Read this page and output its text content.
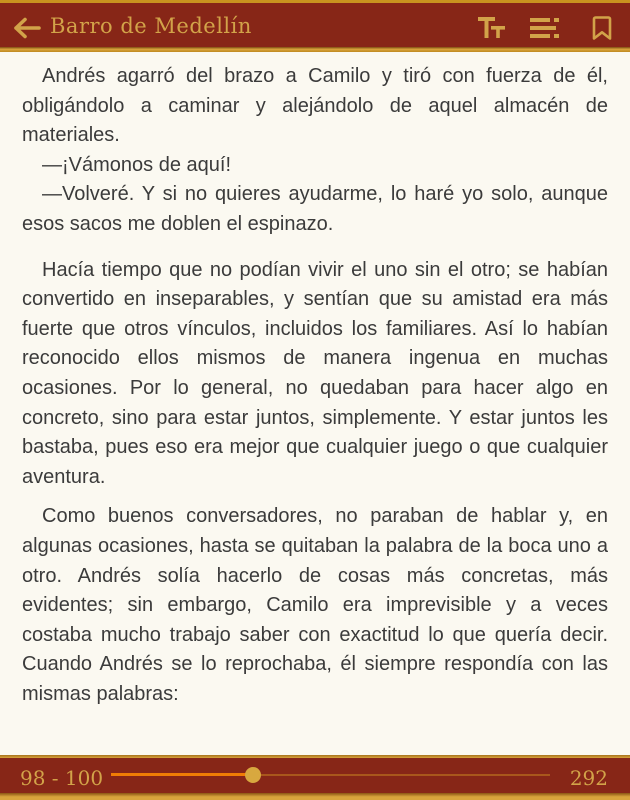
Barro de Medellín

Andrés agarró del brazo a Camilo y tiró con fuerza de él, obligándolo a caminar y alejándolo de aquel almacén de materiales.

—¡Vámonos de aquí!

—Volveré. Y si no quieres ayudarme, lo haré yo solo, aunque esos sacos me doblen el espinazo.

Hacía tiempo que no podían vivir el uno sin el otro; se habían convertido en inseparables, y sentían que su amistad era más fuerte que otros vínculos, incluidos los familiares. Así lo habían reconocido ellos mismos de manera ingenua en muchas ocasiones. Por lo general, no quedaban para hacer algo en concreto, sino para estar juntos, simplemente. Y estar juntos les bastaba, pues eso era mejor que cualquier juego o que cualquier aventura.

Como buenos conversadores, no paraban de hablar y, en algunas ocasiones, hasta se quitaban la palabra de la boca uno a otro. Andrés solía hacerlo de cosas más concretas, más evidentes; sin embargo, Camilo era imprevisible y a veces costaba mucho trabajo saber con exactitud lo que quería decir. Cuando Andrés se lo reprochaba, él siempre respondía con las mismas palabras:

98 - 100	292
